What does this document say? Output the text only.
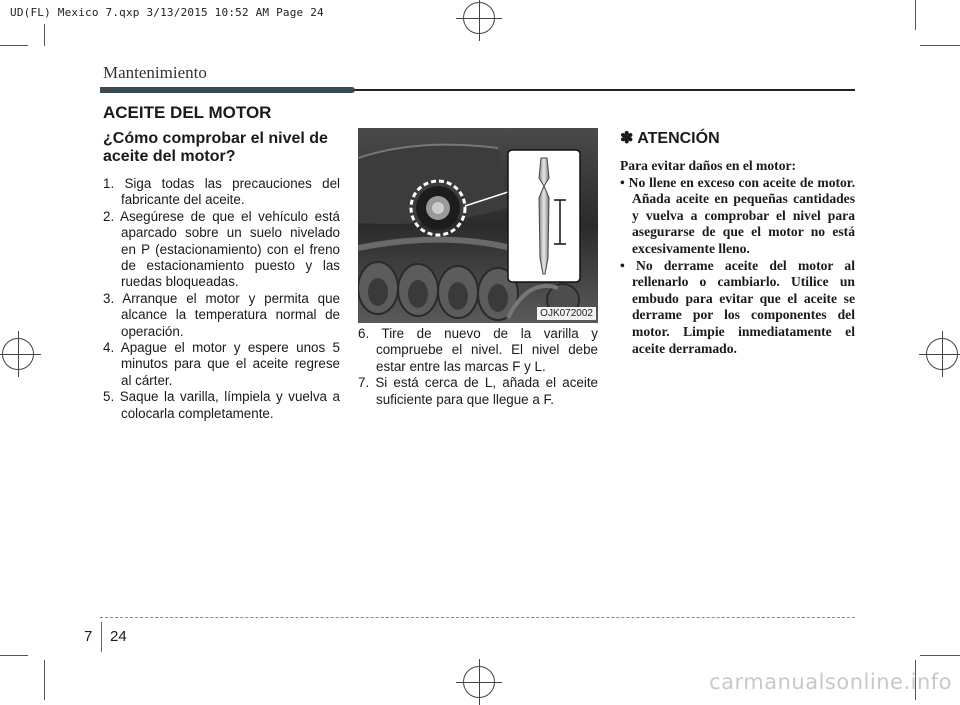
UD(FL) Mexico 7.qxp 3/13/2015 10:52 AM Page 24
Mantenimiento
ACEITE DEL MOTOR
¿Cómo comprobar el nivel de aceite del motor?
1. Siga todas las precauciones del fabricante del aceite.
2. Asegúrese de que el vehículo está aparcado sobre un suelo nivelado en P (estacionamiento) con el freno de estacionamiento puesto y las ruedas bloqueadas.
3. Arranque el motor y permita que alcance la temperatura normal de operación.
4. Apague el motor y espere unos 5 minutos para que el aceite regrese al cárter.
5. Saque la varilla, límpiela y vuelva a colocarla completamente.
OJK072002
6. Tire de nuevo de la varilla y compruebe el nivel. El nivel debe estar entre las marcas F y L.
7. Si está cerca de L, añada el aceite suficiente para que llegue a F.
✽ ATENCIÓN
Para evitar daños en el motor:
• No llene en exceso con aceite de motor. Añada aceite en pequeñas cantidades y vuelva a comprobar el nivel para asegurarse de que el motor no está excesivamente lleno.
• No derrame aceite del motor al rellenarlo o cambiarlo. Utilice un embudo para evitar que el aceite se derrame por los componentes del motor. Limpie inmediatamente el aceite derramado.
7 24
carmanualsonline.info
